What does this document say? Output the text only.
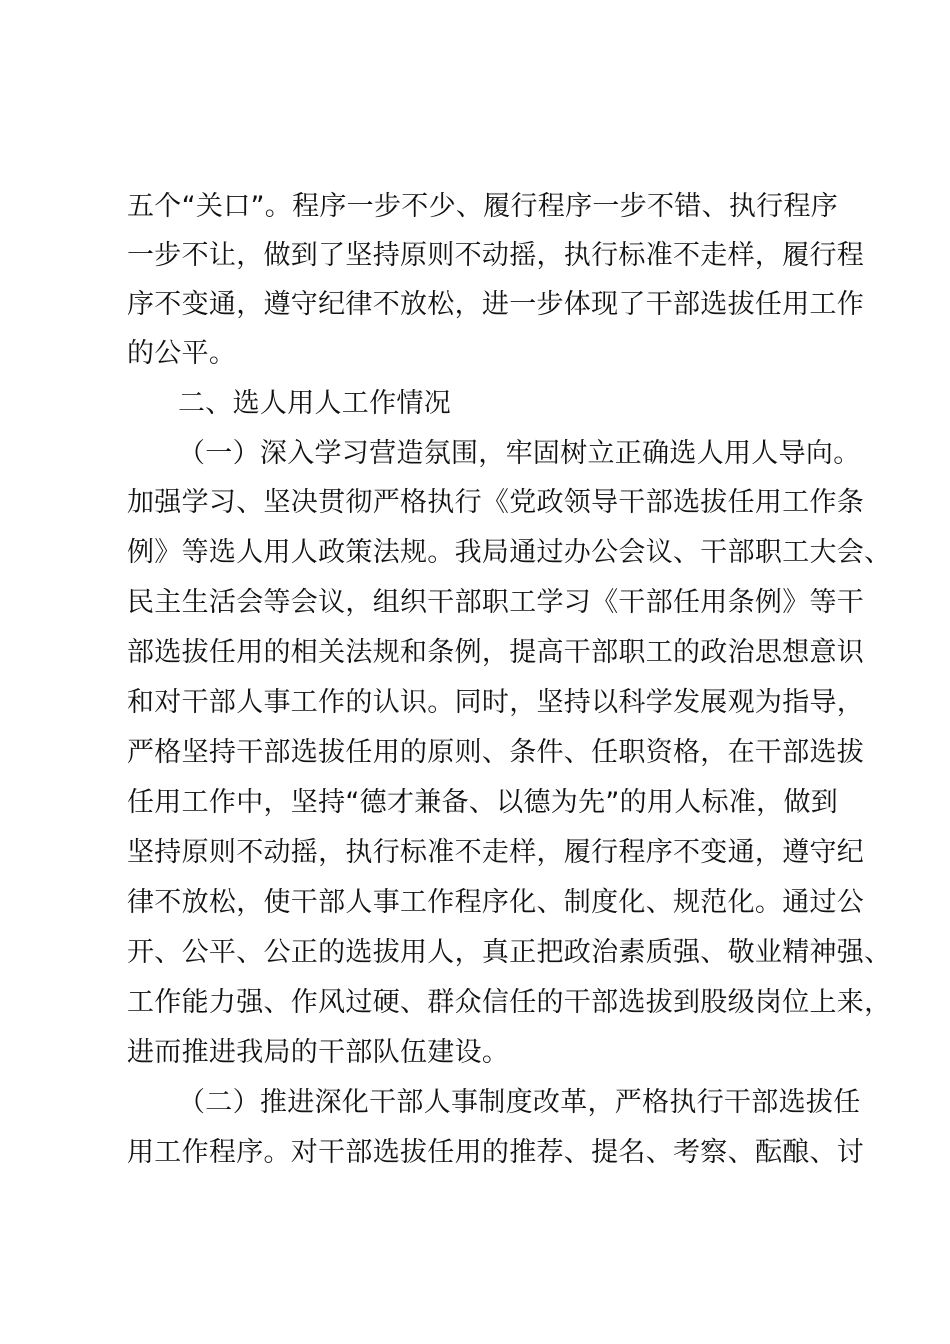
五个“关口”。程序一步不少、履行程序一步不错、执行程序
一步不让，做到了坚持原则不动摇，执行标准不走样，履行程
序不变通，遵守纪律不放松，进一步体现了干部选拔任用工作
的公平。
二、选人用人工作情况
（一）深入学习营造氛围，牢固树立正确选人用人导向。
加强学习、坚决贯彻严格执行《党政领导干部选拔任用工作条
例》等选人用人政策法规。我局通过办公会议、干部职工大会、
民主生活会等会议，组织干部职工学习《干部任用条例》等干
部选拔任用的相关法规和条例，提高干部职工的政治思想意识
和对干部人事工作的认识。同时，坚持以科学发展观为指导，
严格坚持干部选拔任用的原则、条件、任职资格，在干部选拔
任用工作中，坚持“德才兼备、以德为先”的用人标准，做到
坚持原则不动摇，执行标准不走样，履行程序不变通，遵守纪
律不放松，使干部人事工作程序化、制度化、规范化。通过公
开、公平、公正的选拔用人，真正把政治素质强、敬业精神强、
工作能力强、作风过硬、群众信任的干部选拔到股级岗位上来，
进而推进我局的干部队伍建设。
（二）推进深化干部人事制度改革，严格执行干部选拔任
用工作程序。对干部选拔任用的推荐、提名、考察、酝酿、讨
